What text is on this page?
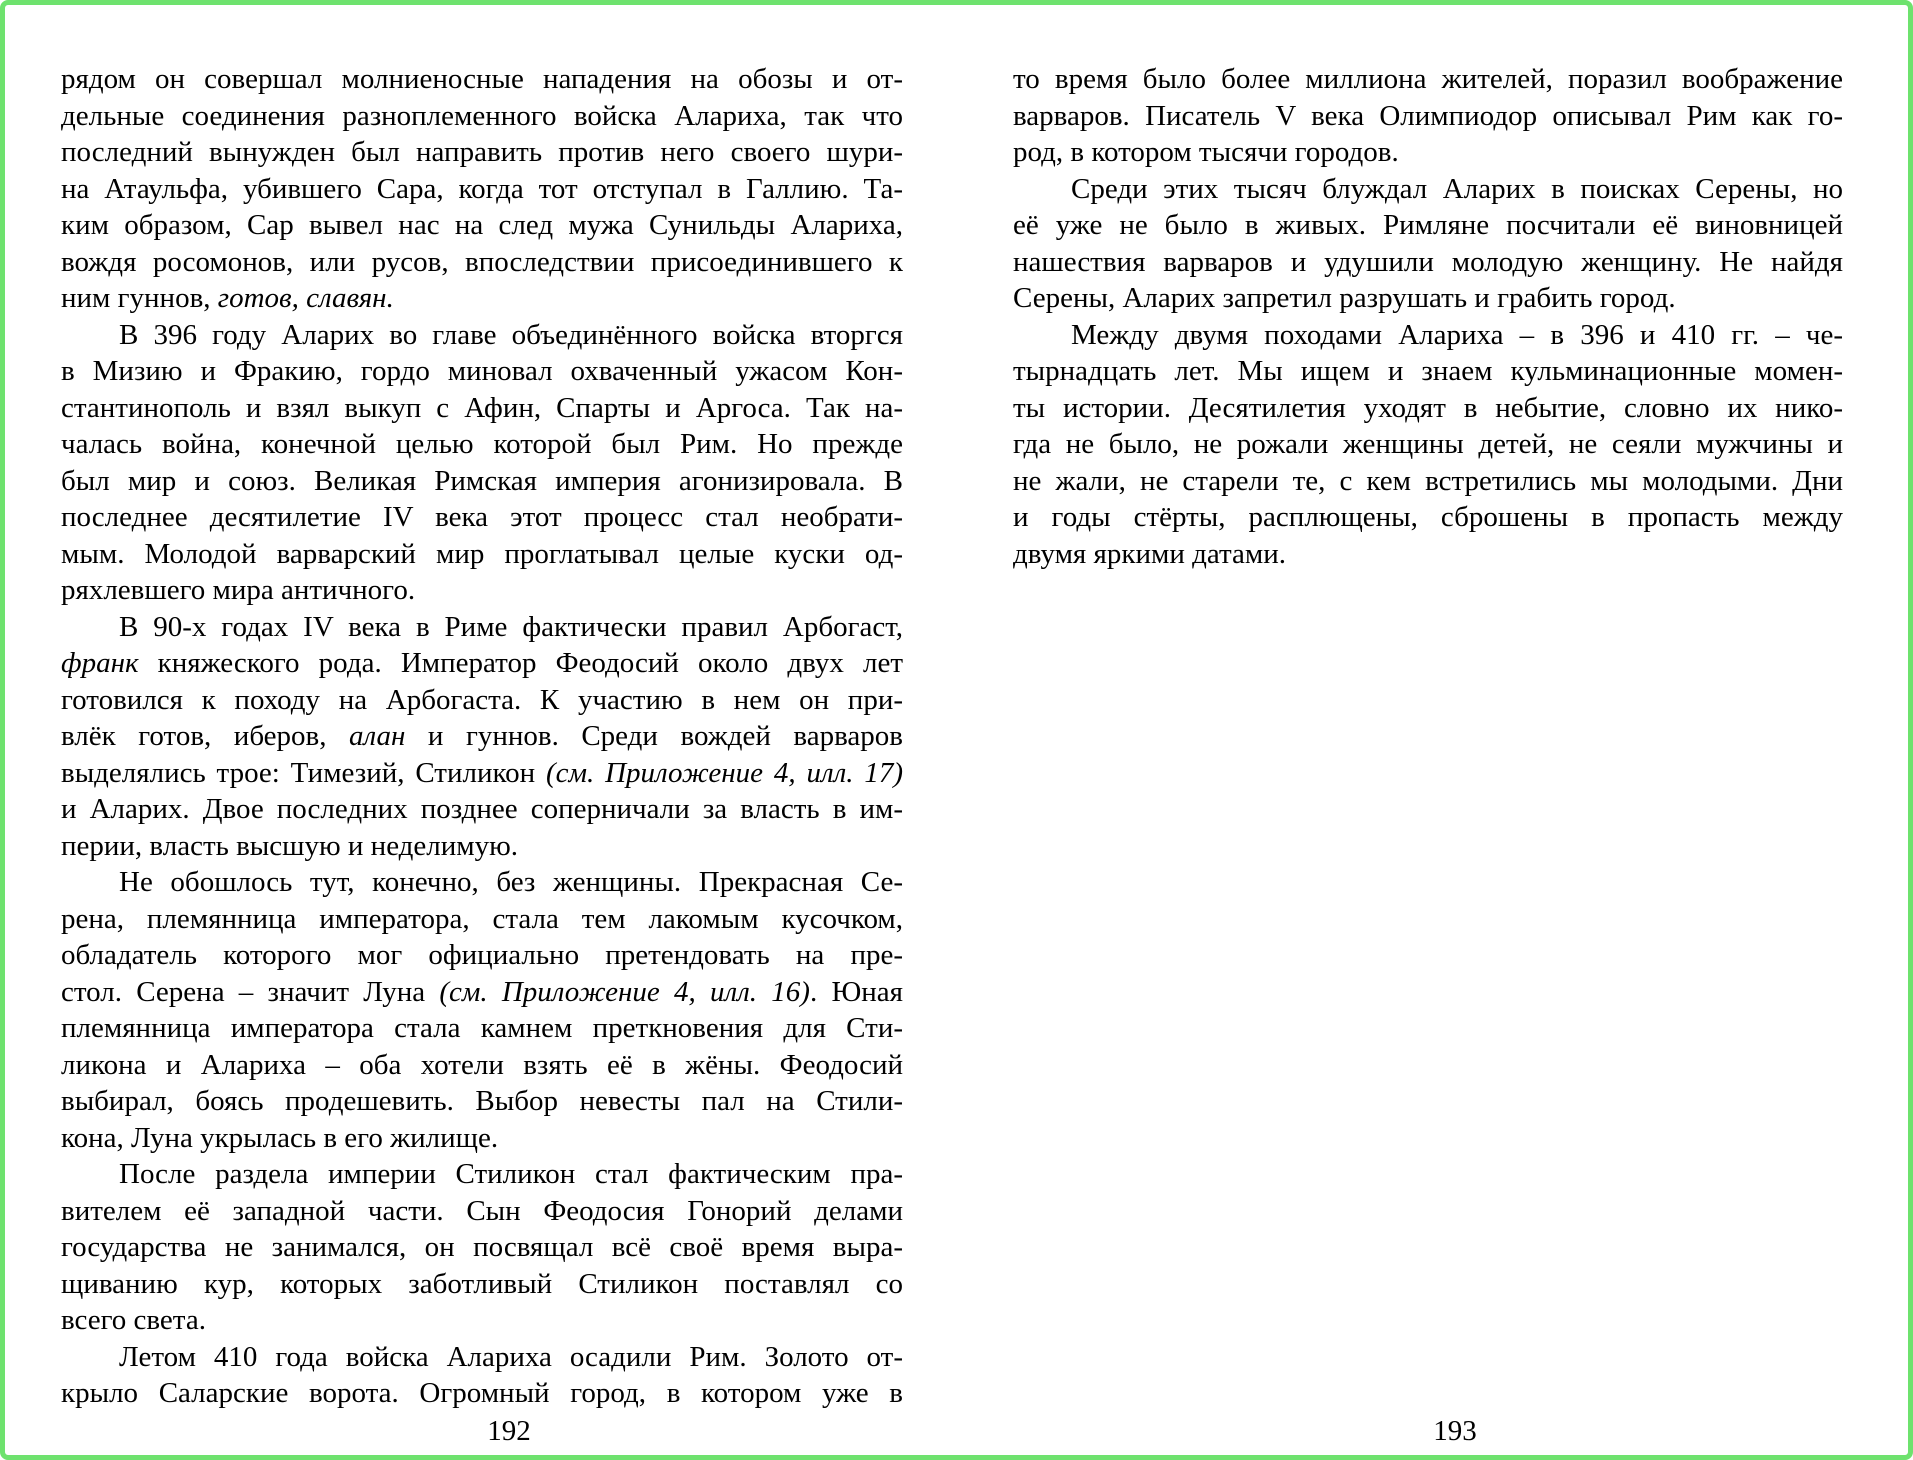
рядом он совершал молниеносные нападения на обозы и от-
дельные соединения разноплеменного войска Алариха, так что
последний вынужден был направить против него своего шури-
на Атаульфа, убившего Сара, когда тот отступал в Галлию. Та-
ким образом, Сар вывел нас на след мужа Сунильды Алариха,
вождя росомонов, или русов, впоследствии присоединившего к
ним гуннов, готов, славян.
В 396 году Аларих во главе объединённого войска вторгся
в Мизию и Фракию, гордо миновал охваченный ужасом Кон-
стантинополь и взял выкуп с Афин, Спарты и Аргоса. Так на-
чалась война, конечной целью которой был Рим. Но прежде
был мир и союз. Великая Римская империя агонизировала. В
последнее десятилетие IV века этот процесс стал необрати-
мым. Молодой варварский мир проглатывал целые куски од-
ряхлевшего мира античного.
В 90-х годах IV века в Риме фактически правил Арбогаст,
франк княжеского рода. Император Феодосий около двух лет
готовился к походу на Арбогаста. К участию в нем он при-
влёк готов, иберов, алан и гуннов. Среди вождей варваров
выделялись трое: Тимезий, Стиликон (см. Приложение 4, илл. 17)
и Аларих. Двое последних позднее соперничали за власть в им-
перии, власть высшую и неделимую.
Не обошлось тут, конечно, без женщины. Прекрасная Се-
рена, племянница императора, стала тем лакомым кусочком,
обладатель которого мог официально претендовать на пре-
стол. Серена – значит Луна (см. Приложение 4, илл. 16). Юная
племянница императора стала камнем преткновения для Сти-
ликона и Алариха – оба хотели взять её в жёны. Феодосий
выбирал, боясь продешевить. Выбор невесты пал на Стили-
кона, Луна укрылась в его жилище.
После раздела империи Стиликон стал фактическим пра-
вителем её западной части. Сын Феодосия Гонорий делами
государства не занимался, он посвящал всё своё время выра-
щиванию кур, которых заботливый Стиликон поставлял со
всего света.
Летом 410 года войска Алариха осадили Рим. Золото от-
крыло Саларские ворота. Огромный город, в котором уже в
то время было более миллиона жителей, поразил воображение
варваров. Писатель V века Олимпиодор описывал Рим как го-
род, в котором тысячи городов.
Среди этих тысяч блуждал Аларих в поисках Серены, но
её уже не было в живых. Римляне посчитали её виновницей
нашествия варваров и удушили молодую женщину. Не найдя
Серены, Аларих запретил разрушать и грабить город.
Между двумя походами Алариха – в 396 и 410 гг. – че-
тырнадцать лет. Мы ищем и знаем кульминационные момен-
ты истории. Десятилетия уходят в небытие, словно их нико-
гда не было, не рожали женщины детей, не сеяли мужчины и
не жали, не старели те, с кем встретились мы молодыми. Дни
и годы стёрты, расплющены, сброшены в пропасть между
двумя яркими датами.
192	193
